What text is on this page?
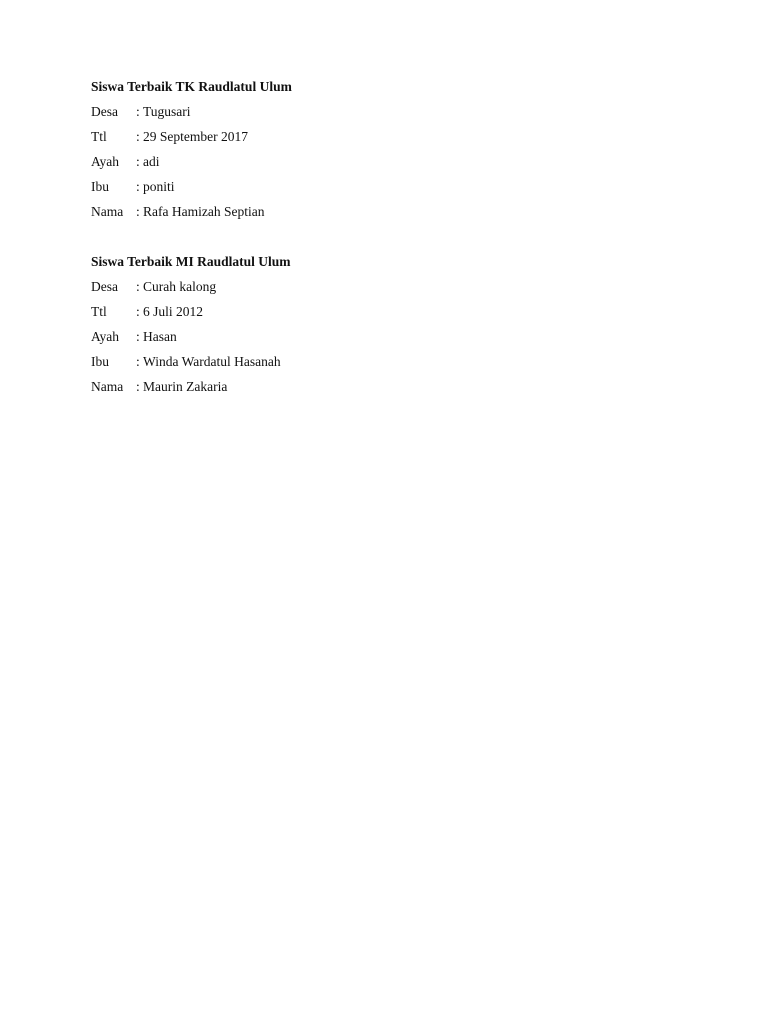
Siswa Terbaik TK Raudlatul Ulum
Desa	: Tugusari
Ttl	: 29 September 2017
Ayah	: adi
Ibu	: poniti
Nama : Rafa Hamizah Septian
Siswa Terbaik MI Raudlatul Ulum
Desa	: Curah kalong
Ttl	: 6 Juli 2012
Ayah	: Hasan
Ibu	: Winda Wardatul Hasanah
Nama : Maurin Zakaria
